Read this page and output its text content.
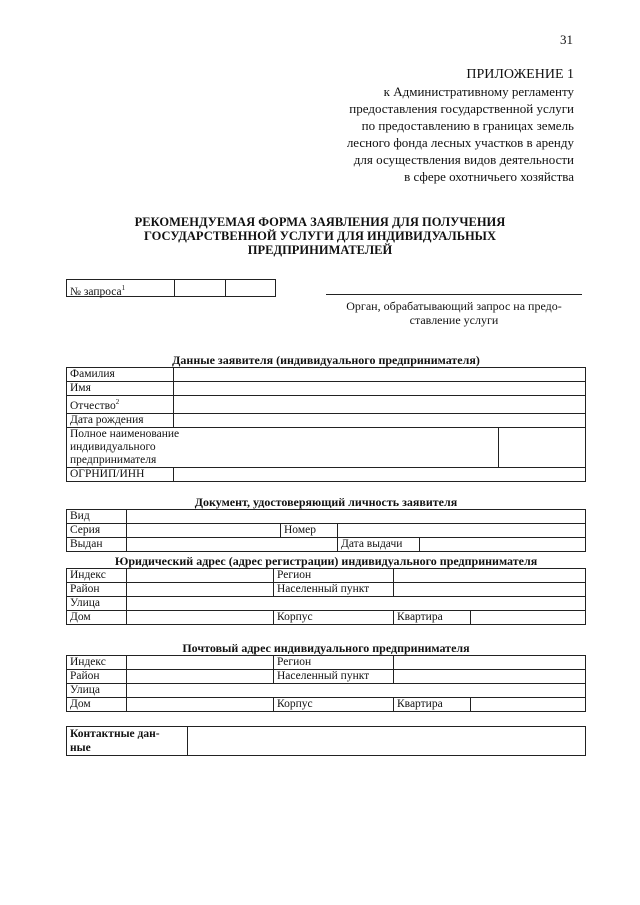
31
ПРИЛОЖЕНИЕ 1
к Административному регламенту
предоставления государственной услуги
по предоставлению в границах земель
лесного фонда лесных участков в аренду
для осуществления видов деятельности
в сфере охотничьего хозяйства
РЕКОМЕНДУЕМАЯ ФОРМА ЗАЯВЛЕНИЯ ДЛЯ ПОЛУЧЕНИЯ
ГОСУДАРСТВЕННОЙ УСЛУГИ ДЛЯ ИНДИВИДУАЛЬНЫХ
ПРЕДПРИНИМАТЕЛЕЙ
№ запроса$^1$
Орган, обрабатывающий запрос на предо-
ставление услуги
Данные заявителя (индивидуального предпринимателя)
Фамилия		
Имя		
Отчество$^2$	
Дата рождения		

Полное наименование
индивидуального
предпринимателя		

ОГРНИП/ИНН		
Документ, удостоверяющий личность заявителя
Вид				
Серия		Номер		
Выдан			Дата выдачи	
Юридический адрес (адрес регистрации) индивидуального предпринимателя
Индекс		Регион		
Район		Населенный пункт		
Улица				
Дом		Корпус	Квартира	
Почтовый адрес индивидуального предпринимателя
Индекс		Регион		
Район		Населенный пункт		
Улица				
Дом		Корпус	Квартира	
Контактные дан-
ные
